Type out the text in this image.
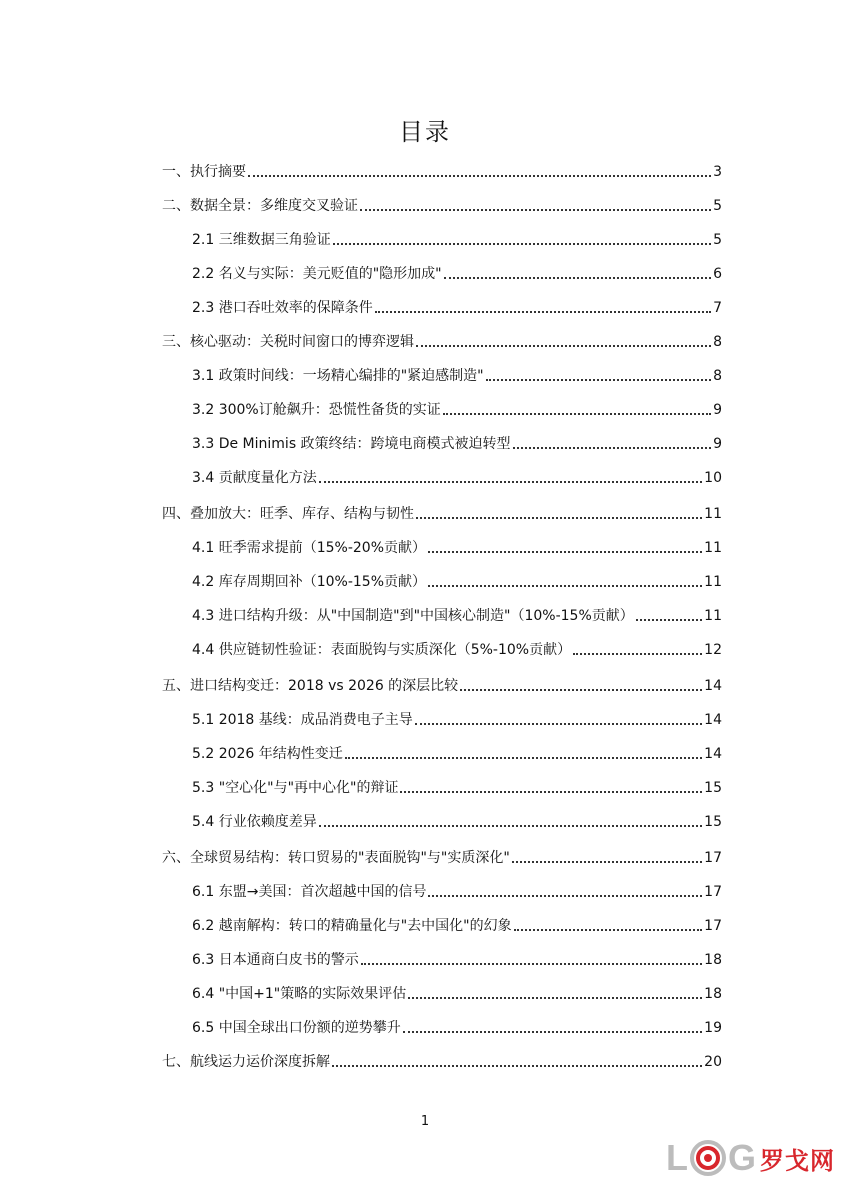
目录
一、执行摘要	3
二、数据全景：多维度交叉验证	5
2.1 三维数据三角验证	5
2.2 名义与实际：美元贬值的"隐形加成"	6
2.3 港口吞吐效率的保障条件	7
三、核心驱动：关税时间窗口的博弈逻辑	8
3.1 政策时间线：一场精心编排的"紧迫感制造"	8
3.2 300%订舱飙升：恐慌性备货的实证	9
3.3 De Minimis 政策终结：跨境电商模式被迫转型	9
3.4 贡献度量化方法	10
四、叠加放大：旺季、库存、结构与韧性	11
4.1 旺季需求提前（15%-20%贡献）	11
4.2 库存周期回补（10%-15%贡献）	11
4.3 进口结构升级：从"中国制造"到"中国核心制造"（10%-15%贡献）	11
4.4 供应链韧性验证：表面脱钩与实质深化（5%-10%贡献）	12
五、进口结构变迁：2018 vs 2026 的深层比较	14
5.1 2018 基线：成品消费电子主导	14
5.2 2026 年结构性变迁	14
5.3 "空心化"与"再中心化"的辩证	15
5.4 行业依赖度差异	15
六、全球贸易结构：转口贸易的"表面脱钩"与"实质深化"	17
6.1 东盟→美国：首次超越中国的信号	17
6.2 越南解构：转口的精确量化与"去中国化"的幻象	17
6.3 日本通商白皮书的警示	18
6.4 "中国+1"策略的实际效果评估	18
6.5 中国全球出口份额的逆势攀升	19
七、航线运力运价深度拆解	20
1
L G 罗戈网
